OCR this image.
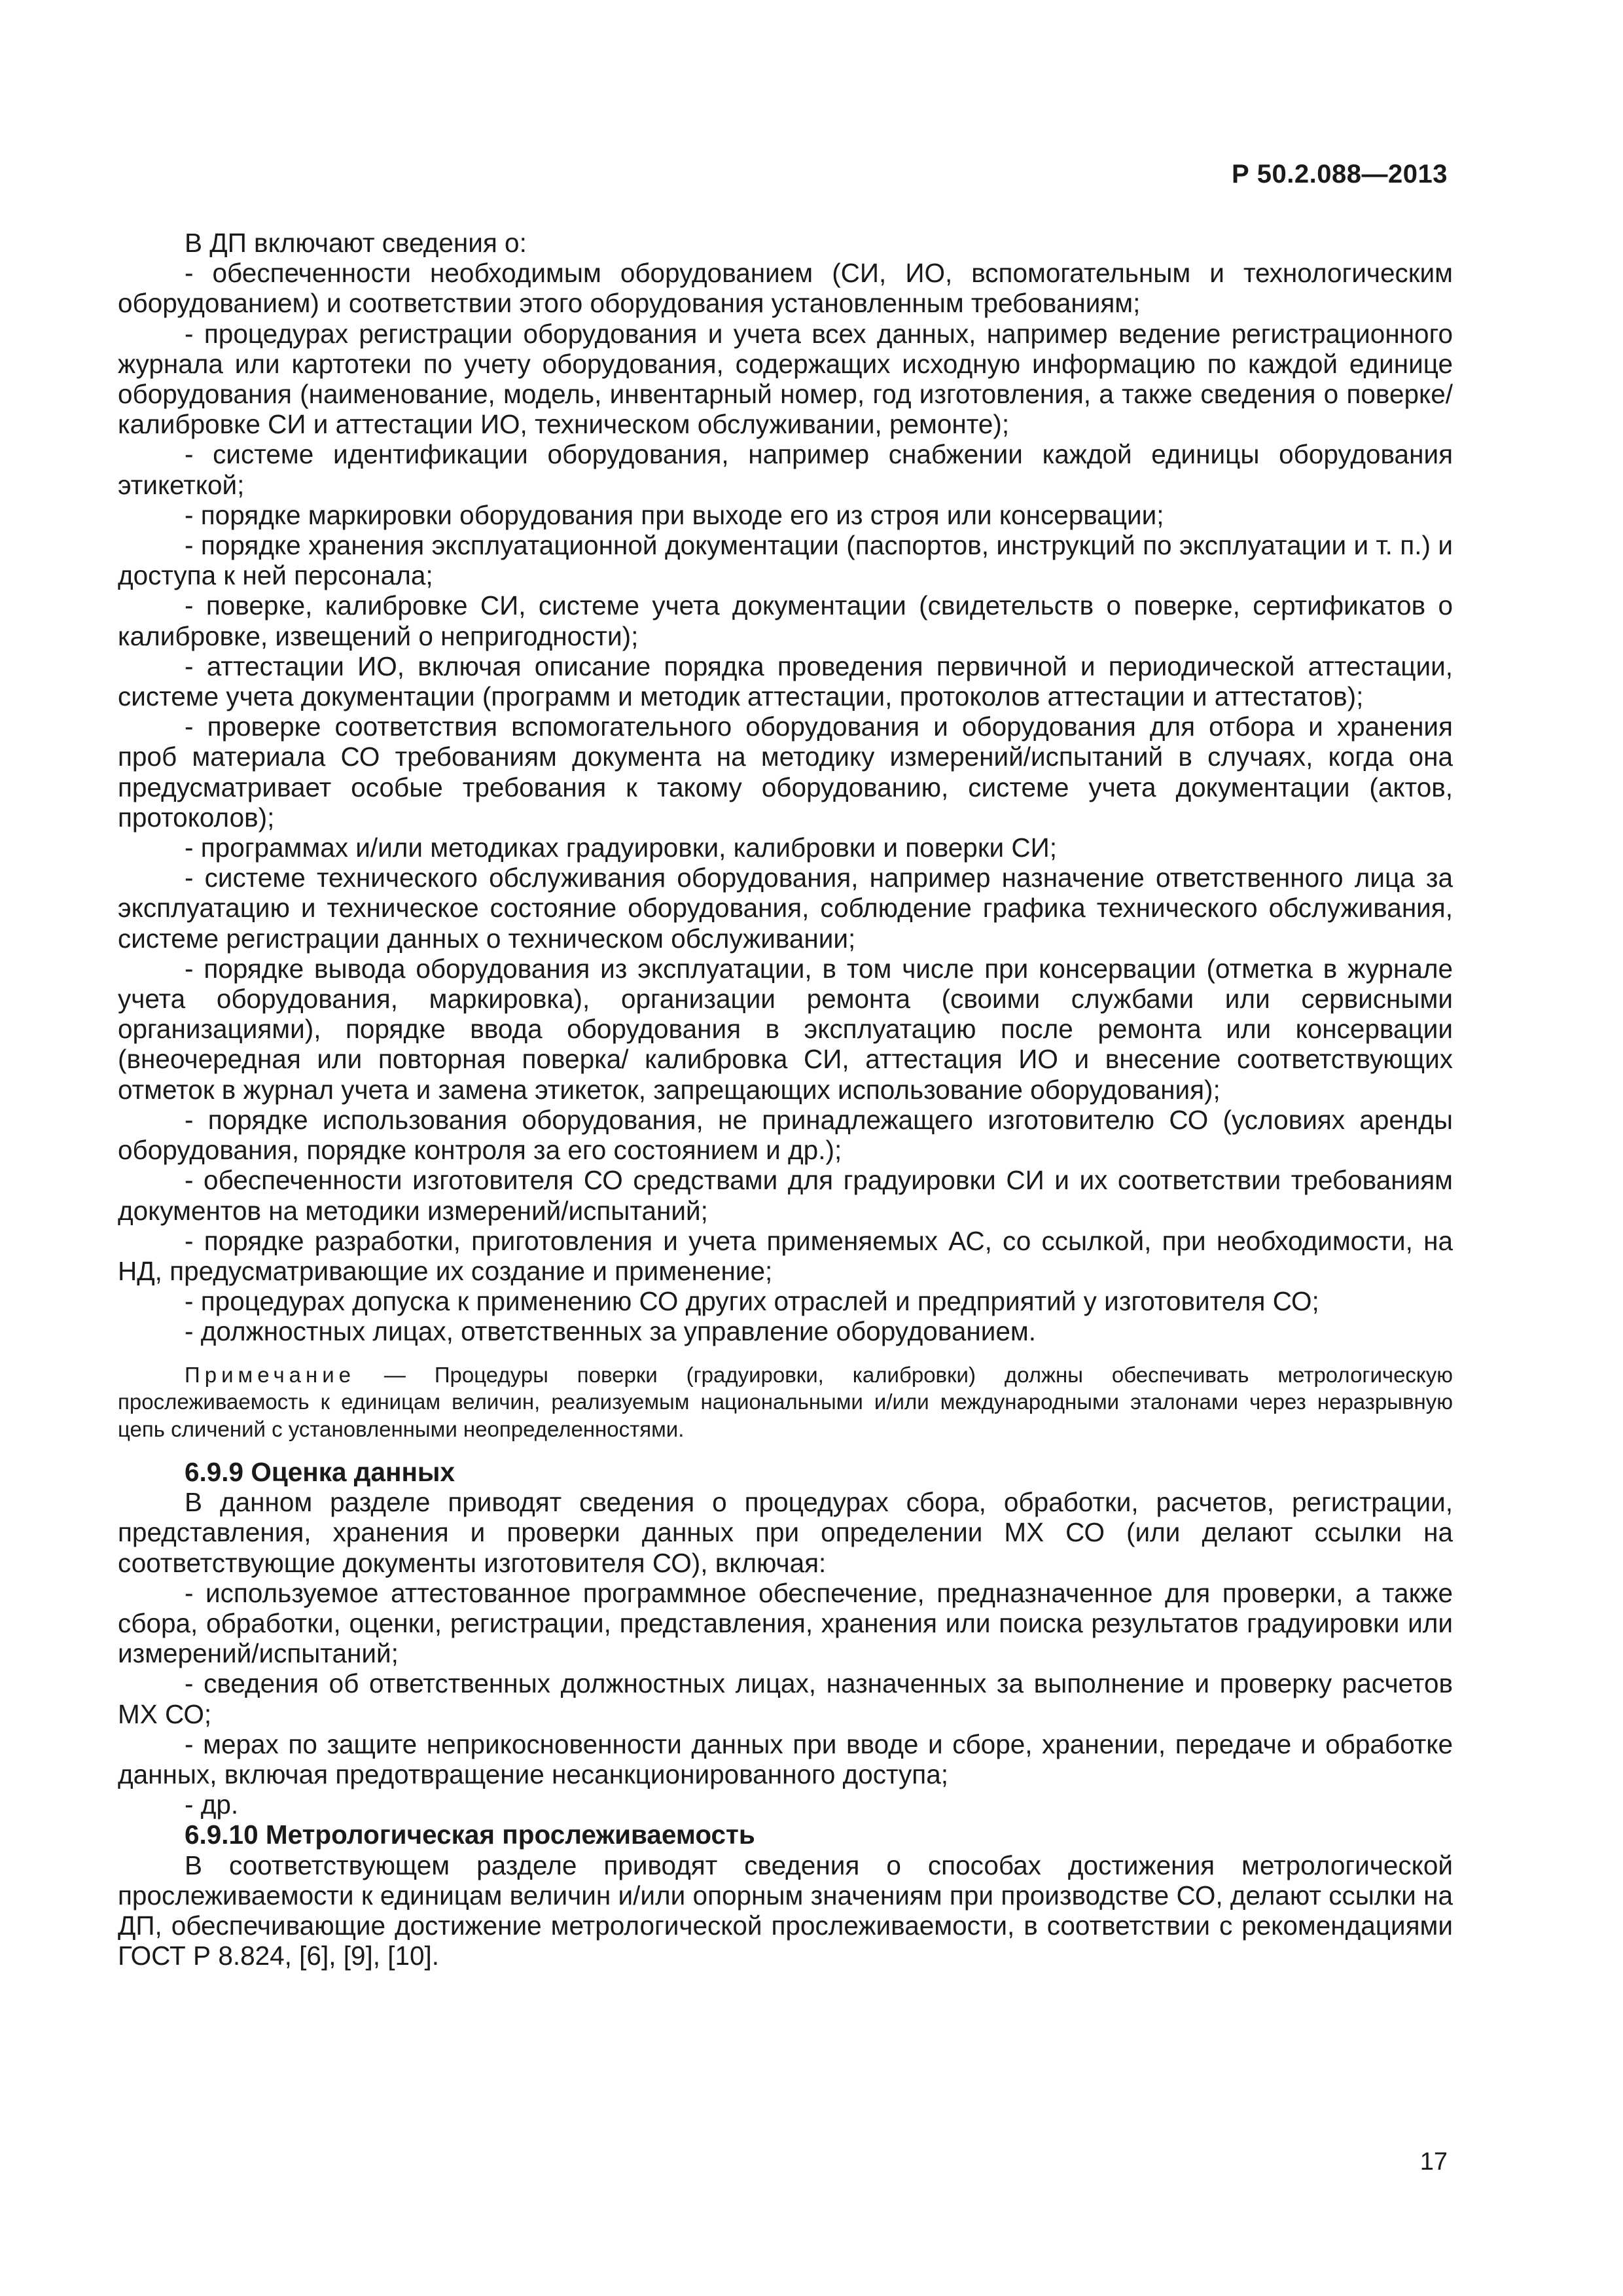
Р 50.2.088—2013

В ДП включают сведения о:

- обеспеченности необходимым оборудованием (СИ, ИО, вспомогательным и технологическим оборудованием) и соответствии этого оборудования установленным требованиям;

- процедурах регистрации оборудования и учета всех данных, например ведение регистрационного журнала или картотеки по учету оборудования, содержащих исходную информацию по каждой единице оборудования (наименование, модель, инвентарный номер, год изготовления, а также сведения о поверке/калибровке СИ и аттестации ИО, техническом обслуживании, ремонте);

- системе идентификации оборудования, например снабжении каждой единицы оборудования этикеткой;

- порядке маркировки оборудования при выходе его из строя или консервации;

- порядке хранения эксплуатационной документации (паспортов, инструкций по эксплуатации и т. п.) и доступа к ней персонала;

- поверке, калибровке СИ, системе учета документации (свидетельств о поверке, сертификатов о калибровке, извещений о непригодности);

- аттестации ИО, включая описание порядка проведения первичной и периодической аттестации, системе учета документации (программ и методик аттестации, протоколов аттестации и аттестатов);

- проверке соответствия вспомогательного оборудования и оборудования для отбора и хранения проб материала СО требованиям документа на методику измерений/испытаний в случаях, когда она предусматривает особые требования к такому оборудованию, системе учета документации (актов, протоколов);

- программах и/или методиках градуировки, калибровки и поверки СИ;

- системе технического обслуживания оборудования, например назначение ответственного лица за эксплуатацию и техническое состояние оборудования, соблюдение графика технического обслуживания, системе регистрации данных о техническом обслуживании;

- порядке вывода оборудования из эксплуатации, в том числе при консервации (отметка в журнале учета оборудования, маркировка), организации ремонта (своими службами или сервисными организациями), порядке ввода оборудования в эксплуатацию после ремонта или консервации (внеочередная или повторная поверка/ калибровка СИ, аттестация ИО и внесение соответствующих отметок в журнал учета и замена этикеток, запрещающих использование оборудования);

- порядке использования оборудования, не принадлежащего изготовителю СО (условиях аренды оборудования, порядке контроля за его состоянием и др.);

- обеспеченности изготовителя СО средствами для градуировки СИ и их соответствии требованиям документов на методики измерений/испытаний;

- порядке разработки, приготовления и учета применяемых АС, со ссылкой, при необходимости, на НД, предусматривающие их создание и применение;

- процедурах допуска к применению СО других отраслей и предприятий у изготовителя СО;

- должностных лицах, ответственных за управление оборудованием.

Примечание — Процедуры поверки (градуировки, калибровки) должны обеспечивать метрологическую прослеживаемость к единицам величин, реализуемым национальными и/или международными эталонами через неразрывную цепь сличений с установленными неопределенностями.

6.9.9 Оценка данных

В данном разделе приводят сведения о процедурах сбора, обработки, расчетов, регистрации, представления, хранения и проверки данных при определении МХ СО (или делают ссылки на соответствующие документы изготовителя СО), включая:

- используемое аттестованное программное обеспечение, предназначенное для проверки, а также сбора, обработки, оценки, регистрации, представления, хранения или поиска результатов градуировки или измерений/испытаний;

- сведения об ответственных должностных лицах, назначенных за выполнение и проверку расчетов МХ СО;

- мерах по защите неприкосновенности данных при вводе и сборе, хранении, передаче и обработке данных, включая предотвращение несанкционированного доступа;

- др.

6.9.10 Метрологическая прослеживаемость

В соответствующем разделе приводят сведения о способах достижения метрологической прослеживаемости к единицам величин и/или опорным значениям при производстве СО, делают ссылки на ДП, обеспечивающие достижение метрологической прослеживаемости, в соответствии с рекомендациями ГОСТ Р 8.824, [6], [9], [10].

17
